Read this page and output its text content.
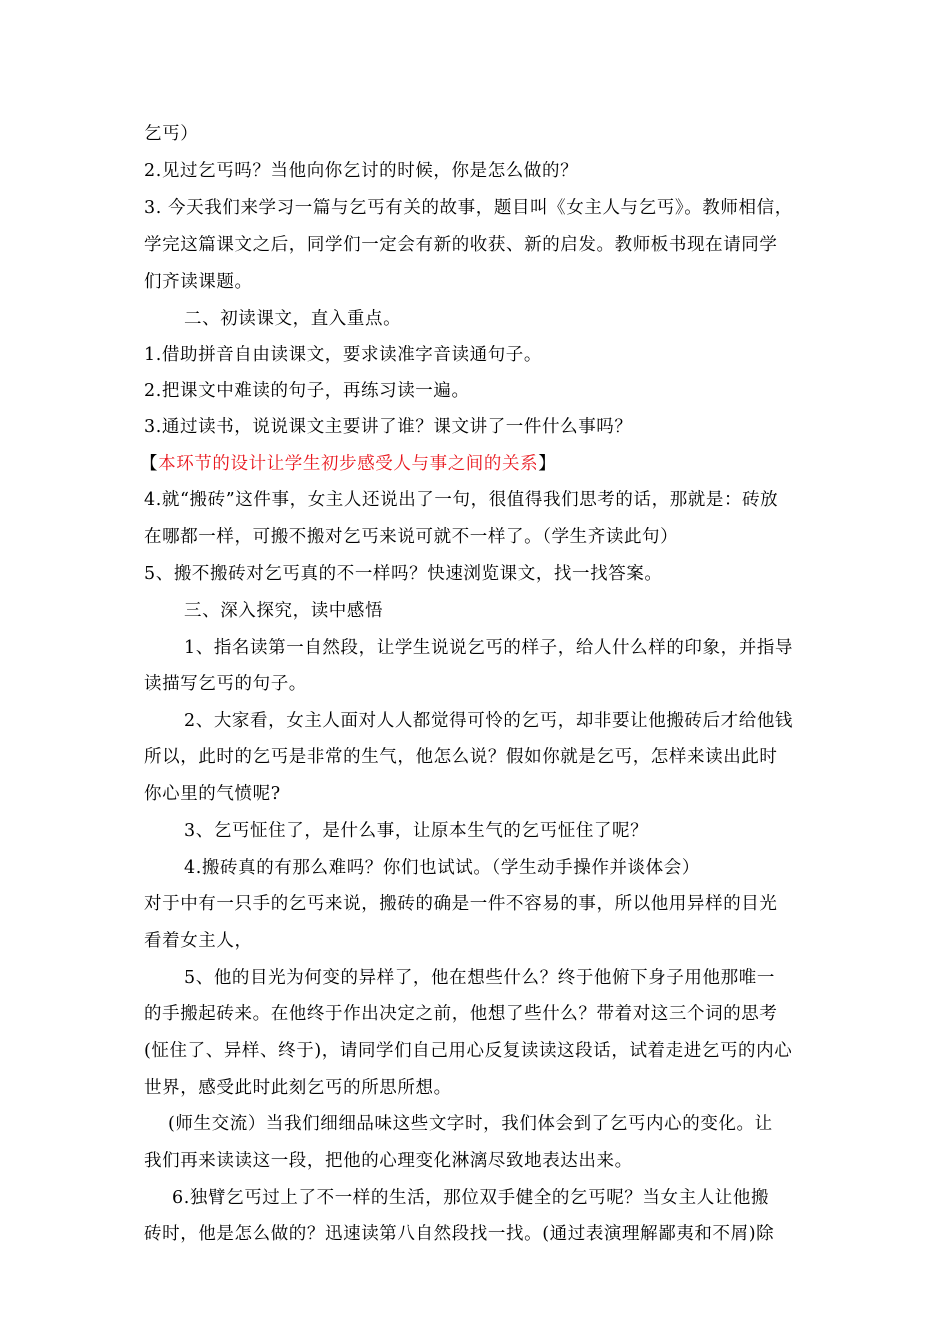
乞丐）
2.见过乞丐吗？当他向你乞讨的时候，你是怎么做的？
3. 今天我们来学习一篇与乞丐有关的故事，题目叫《女主人与乞丐》。教师相信，
学完这篇课文之后，同学们一定会有新的收获、新的启发。教师板书现在请同学
们齐读课题。
二、初读课文，直入重点。
1.借助拼音自由读课文，要求读准字音读通句子。
2.把课文中难读的句子，再练习读一遍。
3.通过读书，说说课文主要讲了谁？课文讲了一件什么事吗？
【本环节的设计让学生初步感受人与事之间的关系】
4.就“搬砖”这件事，女主人还说出了一句，很值得我们思考的话，那就是：砖放
在哪都一样，可搬不搬对乞丐来说可就不一样了。（学生齐读此句）
5、搬不搬砖对乞丐真的不一样吗？快速浏览课文，找一找答案。
三、深入探究，读中感悟
1、指名读第一自然段，让学生说说乞丐的样子，给人什么样的印象，并指导
读描写乞丐的句子。
2、大家看，女主人面对人人都觉得可怜的乞丐，却非要让他搬砖后才给他钱
所以，此时的乞丐是非常的生气，他怎么说？假如你就是乞丐，怎样来读出此时
你心里的气愤呢?
3、乞丐怔住了，是什么事，让原本生气的乞丐怔住了呢？
4.搬砖真的有那么难吗？你们也试试。（学生动手操作并谈体会）
对于中有一只手的乞丐来说，搬砖的确是一件不容易的事，所以他用异样的目光
看着女主人，
5、他的目光为何变的异样了，他在想些什么？终于他俯下身子用他那唯一
的手搬起砖来。在他终于作出决定之前，他想了些什么？带着对这三个词的思考
(怔住了、异样、终于)，请同学们自己用心反复读读这段话，试着走进乞丐的内心
世界，感受此时此刻乞丐的所思所想。
(师生交流）当我们细细品味这些文字时，我们体会到了乞丐内心的变化。让
我们再来读读这一段，把他的心理变化淋漓尽致地表达出来。
6.独臂乞丐过上了不一样的生活，那位双手健全的乞丐呢？当女主人让他搬
砖时，他是怎么做的？迅速读第八自然段找一找。(通过表演理解鄙夷和不屑)除
